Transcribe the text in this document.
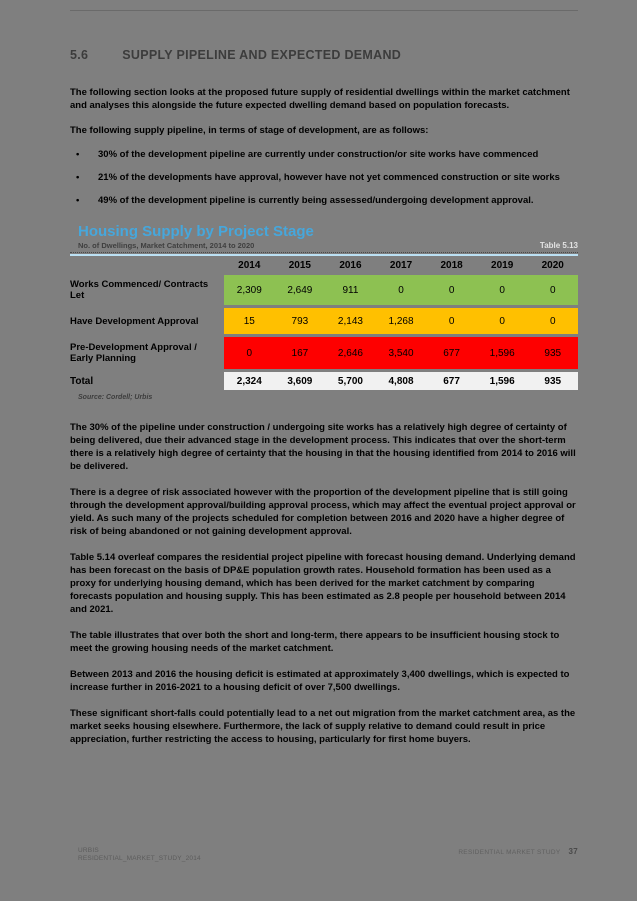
5.6	SUPPLY PIPELINE AND EXPECTED DEMAND

The following section looks at the proposed future supply of residential dwellings within the market catchment and analyses this alongside the future expected dwelling demand based on population forecasts.

The following supply pipeline, in terms of stage of development, are as follows:

•	30% of the development pipeline are currently under construction/or site works have commenced
•	21% of the developments have approval, however have not yet commenced construction or site works
•	49% of the development pipeline is currently being assessed/undergoing development approval.
Housing Supply by Project Stage
No. of Dwellings, Market Catchment, 2014 to 2020	Table 5.13
2014	2015	2016	2017	2018	2019	2020
Works Commenced/ Contracts Let	2,309	2,649	911	0	0	0	0
Have Development Approval	15	793	2,143	1,268	0	0	0
Pre-Development Approval / Early Planning	0	167	2,646	3,540	677	1,596	935
Total	2,324	3,609	5,700	4,808	677	1,596	935
Source: Cordell; Urbis

The 30% of the pipeline under construction / undergoing site works has a relatively high degree of certainty of being delivered, due their advanced stage in the development process. This indicates that over the short-term there is a relatively high degree of certainty that the housing in that the housing identified from 2014 to 2016 will be delivered.

There is a degree of risk associated however with the proportion of the development pipeline that is still going through the development approval/building approval process, which may affect the eventual project approval or yield. As such many of the projects scheduled for completion between 2016 and 2020 have a higher degree of risk of being abandoned or not gaining development approval.

Table 5.14 overleaf compares the residential project pipeline with forecast housing demand. Underlying demand has been forecast on the basis of DP&E population growth rates. Household formation has been used as a proxy for underlying housing demand, which has been derived for the market catchment by comparing forecasts population and housing supply. This has been estimated as 2.8 people per household between 2014 and 2021.

The table illustrates that over both the short and long-term, there appears to be insufficient housing stock to meet the growing housing needs of the market catchment.

Between 2013 and 2016 the housing deficit is estimated at approximately 3,400 dwellings, which is expected to increase further in 2016-2021 to a housing deficit of over 7,500 dwellings.

These significant short-falls could potentially lead to a net out migration from the market catchment area, as the market seeks housing elsewhere. Furthermore, the lack of supply relative to demand could result in price appreciation, further restricting the access to housing, particularly for first home buyers.

URBIS
RESIDENTIAL_MARKET_STUDY_2014
RESIDENTIAL MARKET STUDY 37
